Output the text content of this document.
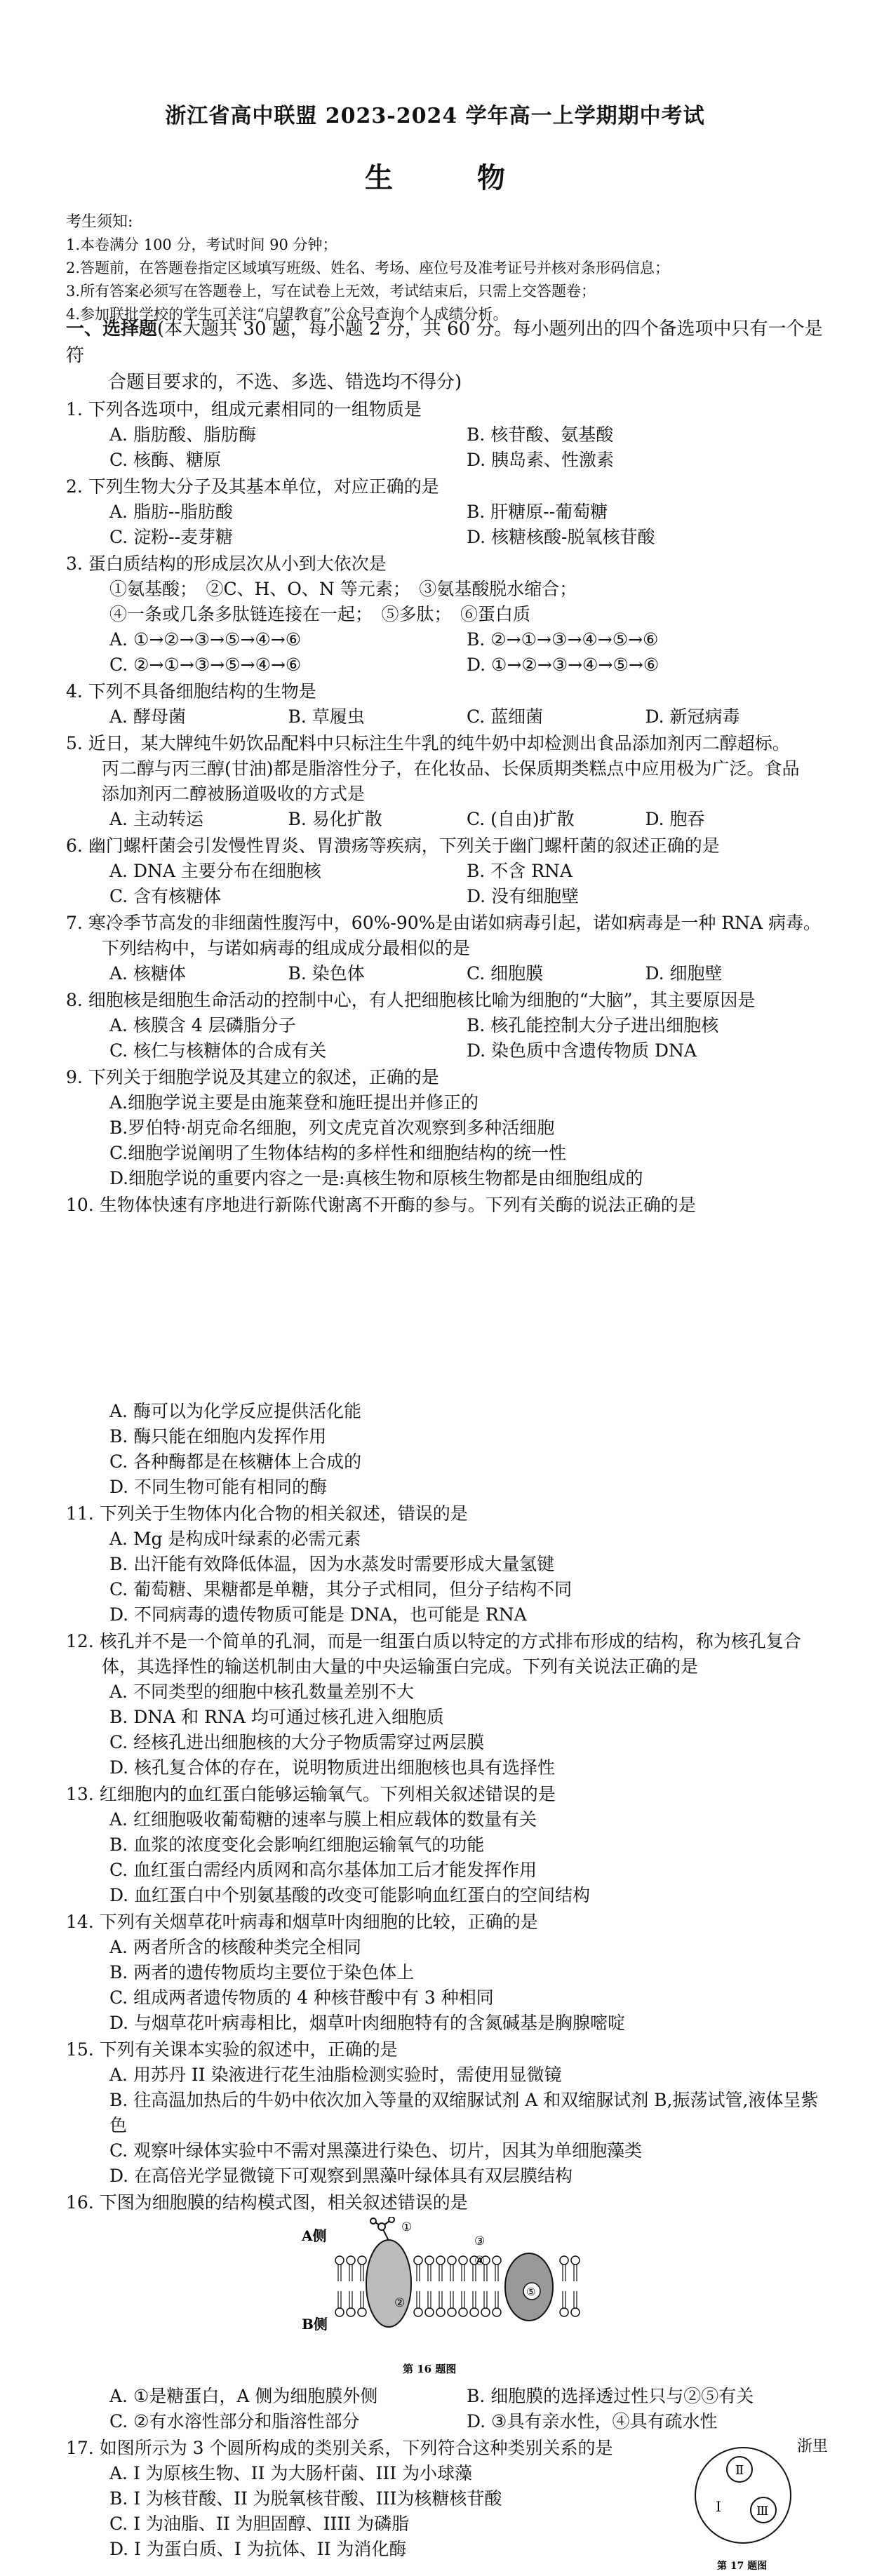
浙江省高中联盟 2023-2024 学年高一上学期期中考试
生　物
考生须知:
1.本卷满分 100 分，考试时间 90 分钟；
2.答题前，在答题卷指定区域填写班级、姓名、考场、座位号及准考证号并核对条形码信息；
3.所有答案必须写在答题卷上，写在试卷上无效，考试结束后，只需上交答题卷；
4.参加联批学校的学生可关注“启望教育”公众号查询个人成绩分析。
一、选择题(本大题共 30 题，每小题 2 分，共 60 分。每小题列出的四个备选项中只有一个是符
合题目要求的，不选、多选、错选均不得分)
1. 下列各选项中，组成元素相同的一组物质是
A. 脂肪酸、脂肪酶	B. 核苷酸、氨基酸
C. 核酶、糖原	D. 胰岛素、性激素
2. 下列生物大分子及其基本单位，对应正确的是
A. 脂肪--脂肪酸	B. 肝糖原--葡萄糖
C. 淀粉--麦芽糖	D. 核糖核酸-脱氧核苷酸
3. 蛋白质结构的形成层次从小到大依次是
①氨基酸；　②C、H、O、N 等元素；　③氨基酸脱水缩合；
④一条或几条多肽链连接在一起；　⑤多肽；　⑥蛋白质
A. ①→②→③→⑤→④→⑥	B. ②→①→③→④→⑤→⑥
C. ②→①→③→⑤→④→⑥	D. ①→②→③→④→⑤→⑥
4. 下列不具备细胞结构的生物是
A. 酵母菌	B. 草履虫	C. 蓝细菌	D. 新冠病毒
5. 近日，某大牌纯牛奶饮品配料中只标注生牛乳的纯牛奶中却检测出食品添加剂丙二醇超标。
丙二醇与丙三醇(甘油)都是脂溶性分子，在化妆品、长保质期类糕点中应用极为广泛。食品
添加剂丙二醇被肠道吸收的方式是
A. 主动转运	B. 易化扩散	C. (自由)扩散	D. 胞吞
6. 幽门螺杆菌会引发慢性胃炎、胃溃疡等疾病，下列关于幽门螺杆菌的叙述正确的是
A. DNA 主要分布在细胞核	B. 不含 RNA
C. 含有核糖体	D. 没有细胞壁
7. 寒冷季节高发的非细菌性腹泻中，60%-90%是由诺如病毒引起，诺如病毒是一种 RNA 病毒。
下列结构中，与诺如病毒的组成成分最相似的是
A. 核糖体	B. 染色体	C. 细胞膜	D. 细胞壁
8. 细胞核是细胞生命活动的控制中心，有人把细胞核比喻为细胞的“大脑”，其主要原因是
A. 核膜含 4 层磷脂分子	B. 核孔能控制大分子进出细胞核
C. 核仁与核糖体的合成有关	D. 染色质中含遗传物质 DNA
9. 下列关于细胞学说及其建立的叙述，正确的是
A.细胞学说主要是由施莱登和施旺提出并修正的
B.罗伯特·胡克命名细胞，列文虎克首次观察到多种活细胞
C.细胞学说阐明了生物体结构的多样性和细胞结构的统一性
D.细胞学说的重要内容之一是:真核生物和原核生物都是由细胞组成的
10. 生物体快速有序地进行新陈代谢离不开酶的参与。下列有关酶的说法正确的是
A. 酶可以为化学反应提供活化能
B. 酶只能在细胞内发挥作用
C. 各种酶都是在核糖体上合成的
D. 不同生物可能有相同的酶
11. 下列关于生物体内化合物的相关叙述，错误的是
A. Mg 是构成叶绿素的必需元素
B. 出汗能有效降低体温，因为水蒸发时需要形成大量氢键
C. 葡萄糖、果糖都是单糖，其分子式相同，但分子结构不同
D. 不同病毒的遗传物质可能是 DNA，也可能是 RNA
12. 核孔并不是一个简单的孔洞，而是一组蛋白质以特定的方式排布形成的结构，称为核孔复合
体，其选择性的输送机制由大量的中央运输蛋白完成。下列有关说法正确的是
A. 不同类型的细胞中核孔数量差别不大
B. DNA 和 RNA 均可通过核孔进入细胞质
C. 经核孔进出细胞核的大分子物质需穿过两层膜
D. 核孔复合体的存在，说明物质进出细胞核也具有选择性
13. 红细胞内的血红蛋白能够运输氧气。下列相关叙述错误的是
A. 红细胞吸收葡萄糖的速率与膜上相应载体的数量有关
B. 血浆的浓度变化会影响红细胞运输氧气的功能
C. 血红蛋白需经内质网和高尔基体加工后才能发挥作用
D. 血红蛋白中个别氨基酸的改变可能影响血红蛋白的空间结构
14. 下列有关烟草花叶病毒和烟草叶肉细胞的比较，正确的是
A. 两者所含的核酸种类完全相同
B. 两者的遗传物质均主要位于染色体上
C. 组成两者遗传物质的 4 种核苷酸中有 3 种相同
D. 与烟草花叶病毒相比，烟草叶肉细胞特有的含氮碱基是胸腺嘧啶
15. 下列有关课本实验的叙述中，正确的是
A. 用苏丹 II 染液进行花生油脂检测实验时，需使用显微镜
B. 往高温加热后的牛奶中依次加入等量的双缩脲试剂 A 和双缩脲试剂 B,振荡试管,液体呈紫色
C. 观察叶绿体实验中不需对黑藻进行染色、切片，因其为单细胞藻类
D. 在高倍光学显微镜下可观察到黑藻叶绿体具有双层膜结构
16. 下图为细胞膜的结构模式图，相关叙述错误的是
A侧
B侧
①
②
③
④
⑤
第 16 题图
A. ①是糖蛋白，A 侧为细胞膜外侧	B. 细胞膜的选择透过性只与②⑤有关
C. ②有水溶性部分和脂溶性部分	D. ③具有亲水性，④具有疏水性
17. 如图所示为 3 个圆所构成的类别关系，下列符合这种类别关系的是
A. I 为原核生物、II 为大肠杆菌、III 为小球藻
B. I 为核苷酸、II 为脱氧核苷酸、III为核糖核苷酸
C. I 为油脂、II 为胆固醇、IIII 为磷脂
D. I 为蛋白质、I 为抗体、II 为消化酶
Ⅱ
I	Ⅲ
第 17 题图
浙里
